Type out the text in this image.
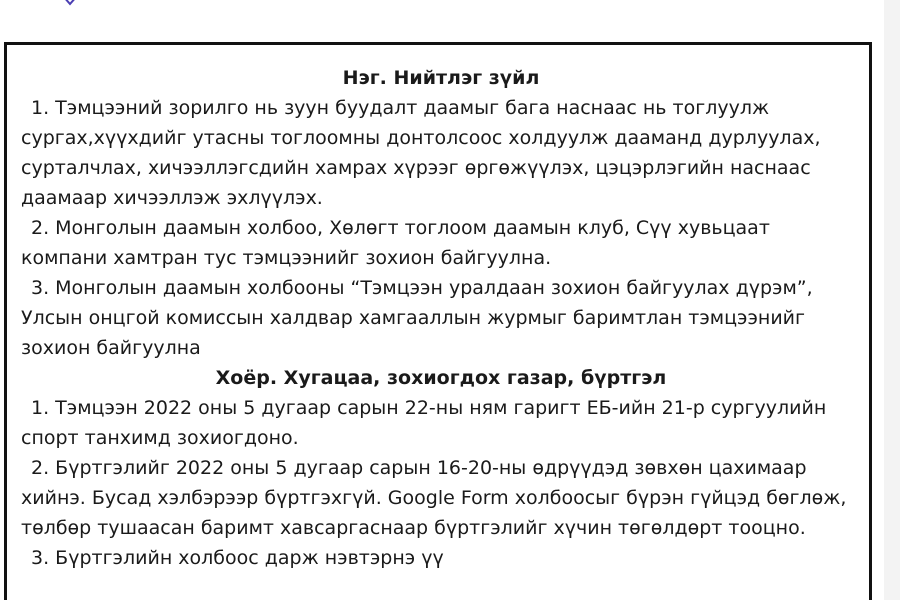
Нэг. Нийтлэг зүйл

1. Тэмцээний зорилго нь зуун буудалт даамыг бага наснаас нь тоглуулж сургах,хүүхдийг утасны тоглоомны донтолсоос холдуулж дааманд дурлуулах, сурталчлах, хичээллэгсдийн хамрах хүрээг өргөжүүлэх, цэцэрлэгийн наснаас даамаар хичээллэж эхлүүлэх.

2. Монголын даамын холбоо, Хөлөгт тоглоом даамын клуб, Сүү хувьцаат компани хамтран тус тэмцээнийг зохион байгуулна.

3. Монголын даамын холбооны “Тэмцээн уралдаан зохион байгуулах дүрэм”, Улсын онцгой комиссын халдвар хамгааллын журмыг баримтлан тэмцээнийг зохион байгуулна

Хоёр. Хугацаа, зохиогдох газар, бүртгэл

1. Тэмцээн 2022 оны 5 дугаар сарын 22-ны ням гаригт ЕБ-ийн 21-р сургуулийн спорт танхимд зохиогдоно.

2. Бүртгэлийг 2022 оны 5 дугаар сарын 16-20-ны өдрүүдэд зөвхөн цахимаар хийнэ. Бусад хэлбэрээр бүртгэхгүй. Google Form холбоосыг бүрэн гүйцэд бөглөж, төлбөр тушаасан баримт хавсаргаснаар бүртгэлийг хүчин төгөлдөрт тооцно.

3. Бүртгэлийн холбоос дарж нэвтэрнэ үү
